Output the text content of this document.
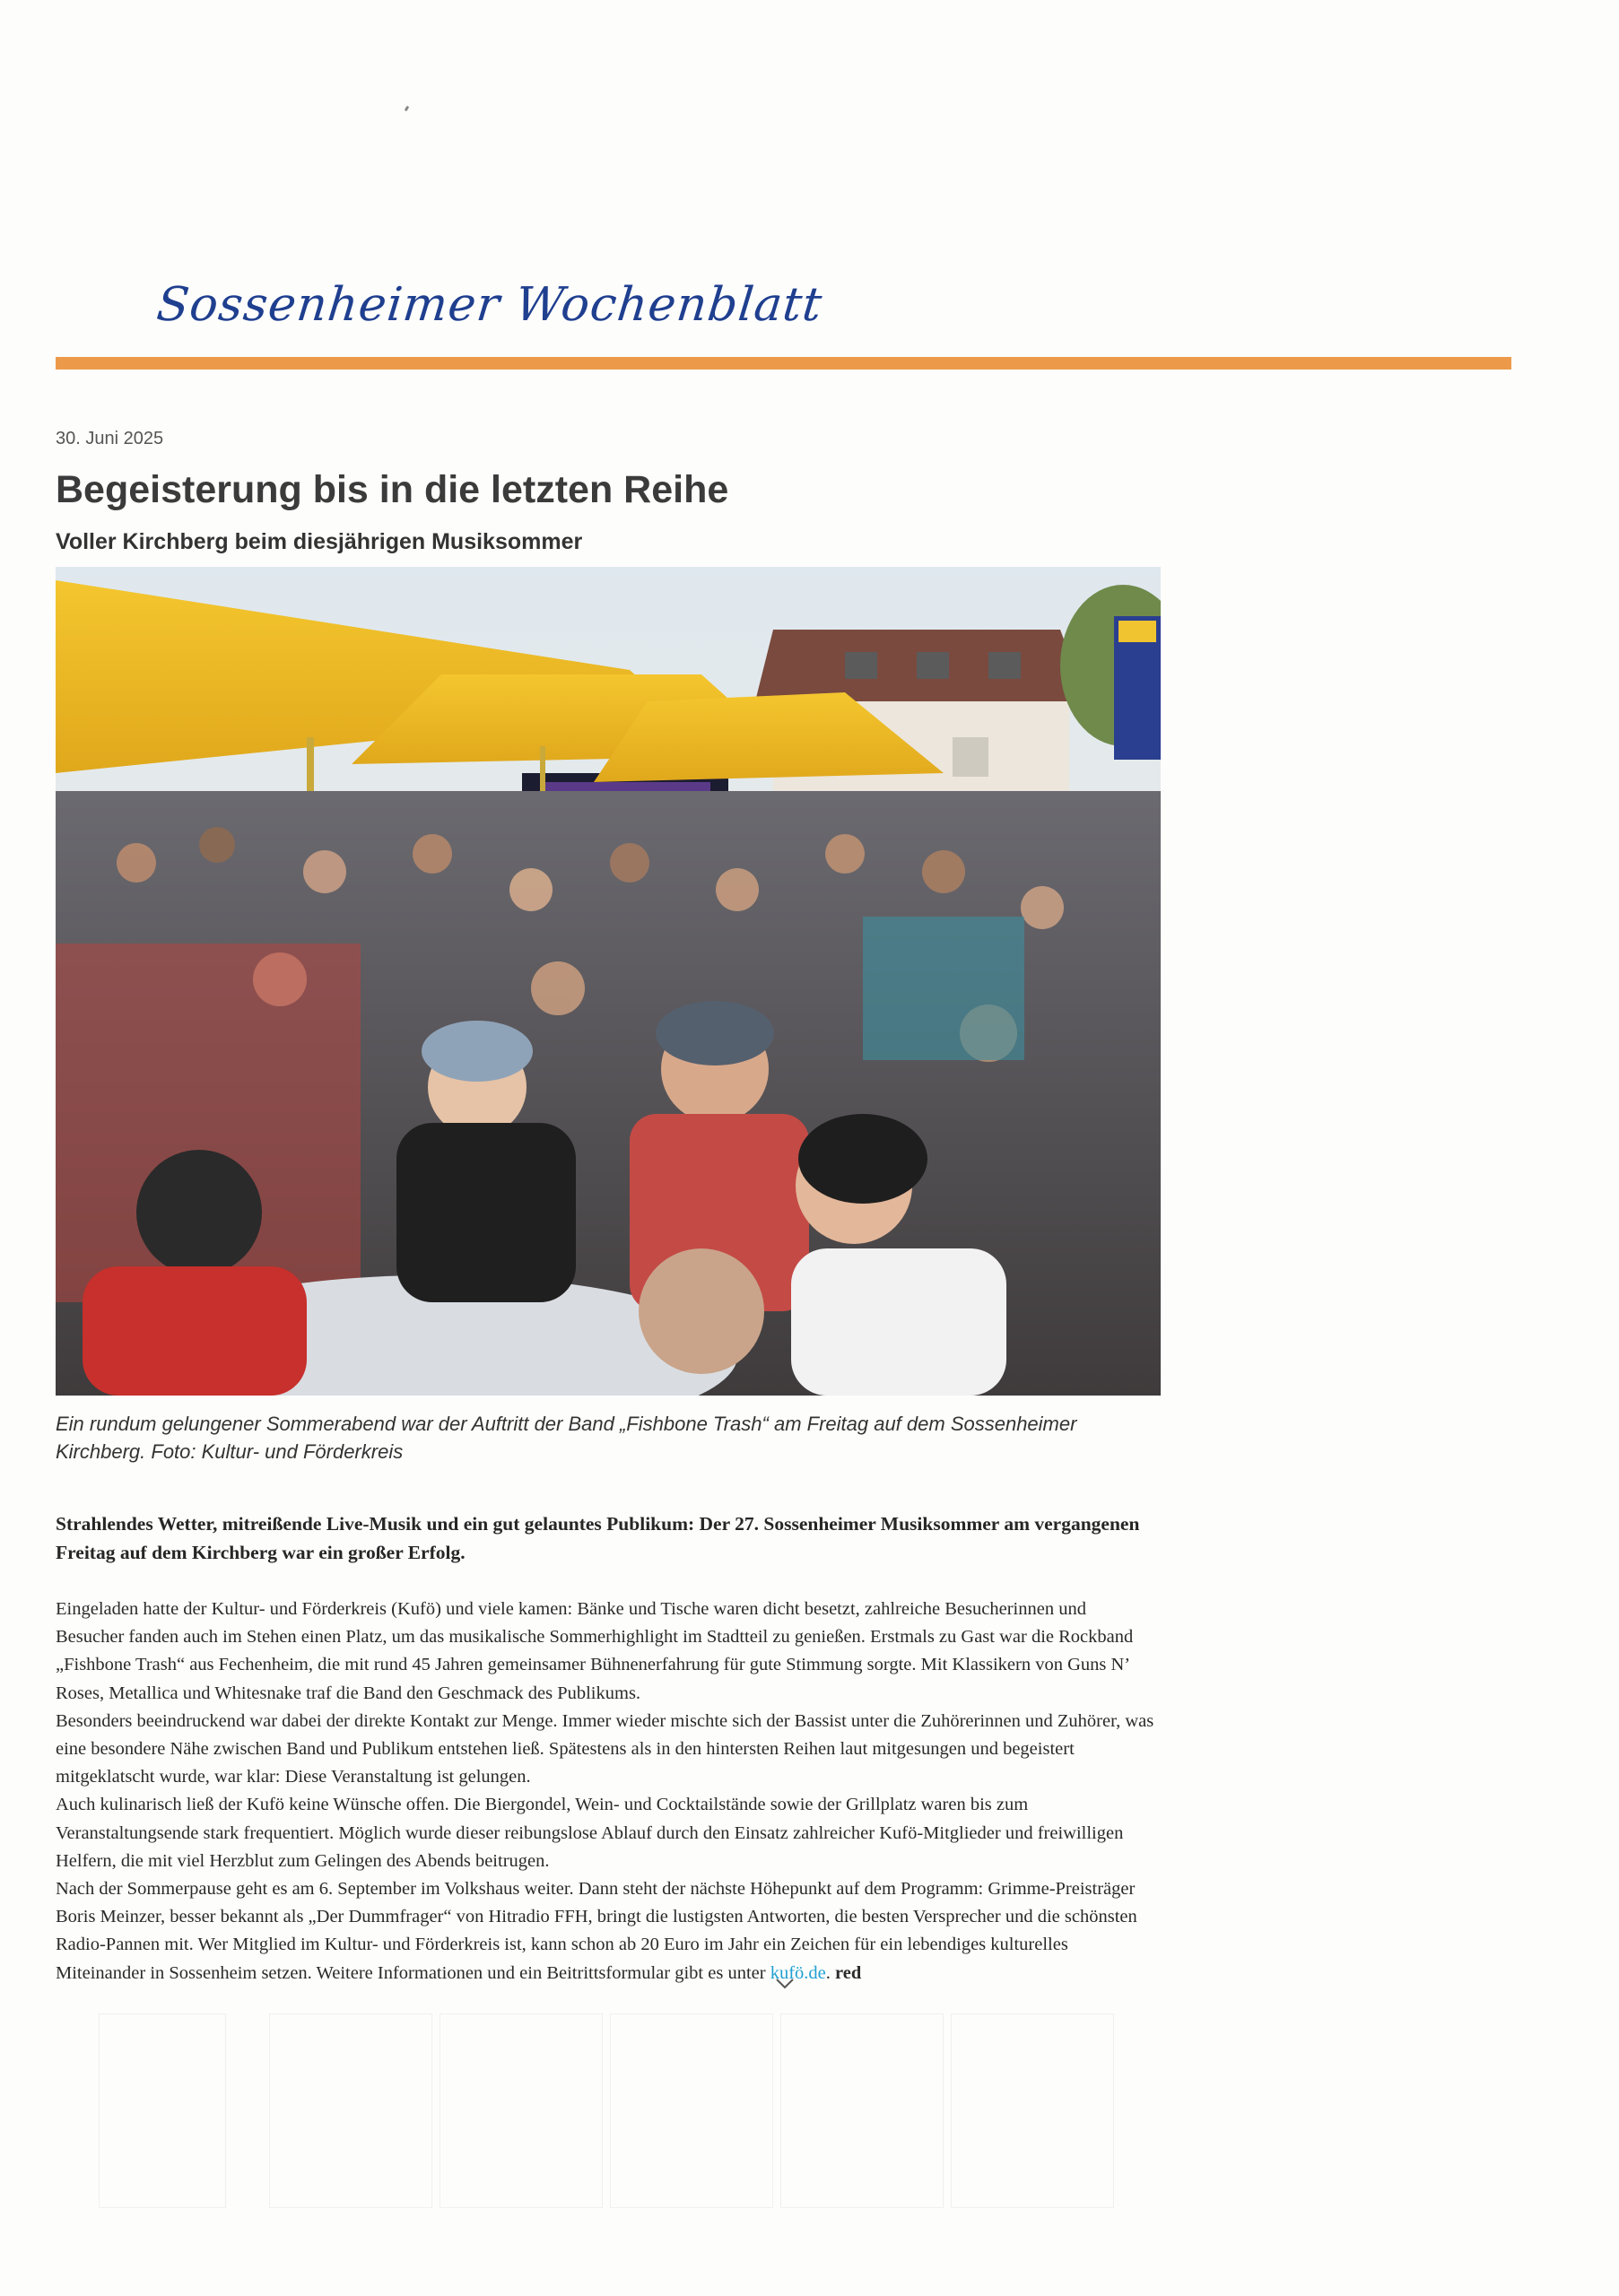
Sossenheimer Wochenblatt
30. Juni 2025
Begeisterung bis in die letzten Reihe
Voller Kirchberg beim diesjährigen Musiksommer

Ein rundum gelungener Sommerabend war der Auftritt der Band „Fishbone Trash“ am Freitag auf dem Sossenheimer Kirchberg. Foto: Kultur- und Förderkreis

Strahlendes Wetter, mitreißende Live-Musik und ein gut gelauntes Publikum: Der 27. Sossenheimer Musiksommer am vergangenen Freitag auf dem Kirchberg war ein großer Erfolg.

Eingeladen hatte der Kultur- und Förderkreis (Kufö) und viele kamen: Bänke und Tische waren dicht besetzt, zahlreiche Besucherinnen und Besucher fanden auch im Stehen einen Platz, um das musikalische Sommerhighlight im Stadtteil zu genießen. Erstmals zu Gast war die Rockband „Fishbone Trash“ aus Fechenheim, die mit rund 45 Jahren gemeinsamer Bühnenerfahrung für gute Stimmung sorgte. Mit Klassikern von Guns N’ Roses, Metallica und Whitesnake traf die Band den Geschmack des Publikums.

Besonders beeindruckend war dabei der direkte Kontakt zur Menge. Immer wieder mischte sich der Bassist unter die Zuhörerinnen und Zuhörer, was eine besondere Nähe zwischen Band und Publikum entstehen ließ. Spätestens als in den hintersten Reihen laut mitgesungen und begeistert mitgeklatscht wurde, war klar: Diese Veranstaltung ist gelungen.

Auch kulinarisch ließ der Kufö keine Wünsche offen. Die Biergondel, Wein- und Cocktailstände sowie der Grillplatz waren bis zum Veranstaltungsende stark frequentiert. Möglich wurde dieser reibungslose Ablauf durch den Einsatz zahlreicher Kufö-Mitglieder und freiwilligen Helfern, die mit viel Herzblut zum Gelingen des Abends beitrugen.

Nach der Sommerpause geht es am 6. September im Volkshaus weiter. Dann steht der nächste Höhepunkt auf dem Programm: Grimme-Preisträger Boris Meinzer, besser bekannt als „Der Dummfrager“ von Hitradio FFH, bringt die lustigsten Antworten, die besten Versprecher und die schönsten Radio-Pannen mit. Wer Mitglied im Kultur- und Förderkreis ist, kann schon ab 20 Euro im Jahr ein Zeichen für ein lebendiges kulturelles Miteinander in Sossenheim setzen. Weitere Informationen und ein Beitrittsformular gibt es unter kufö.de. red
